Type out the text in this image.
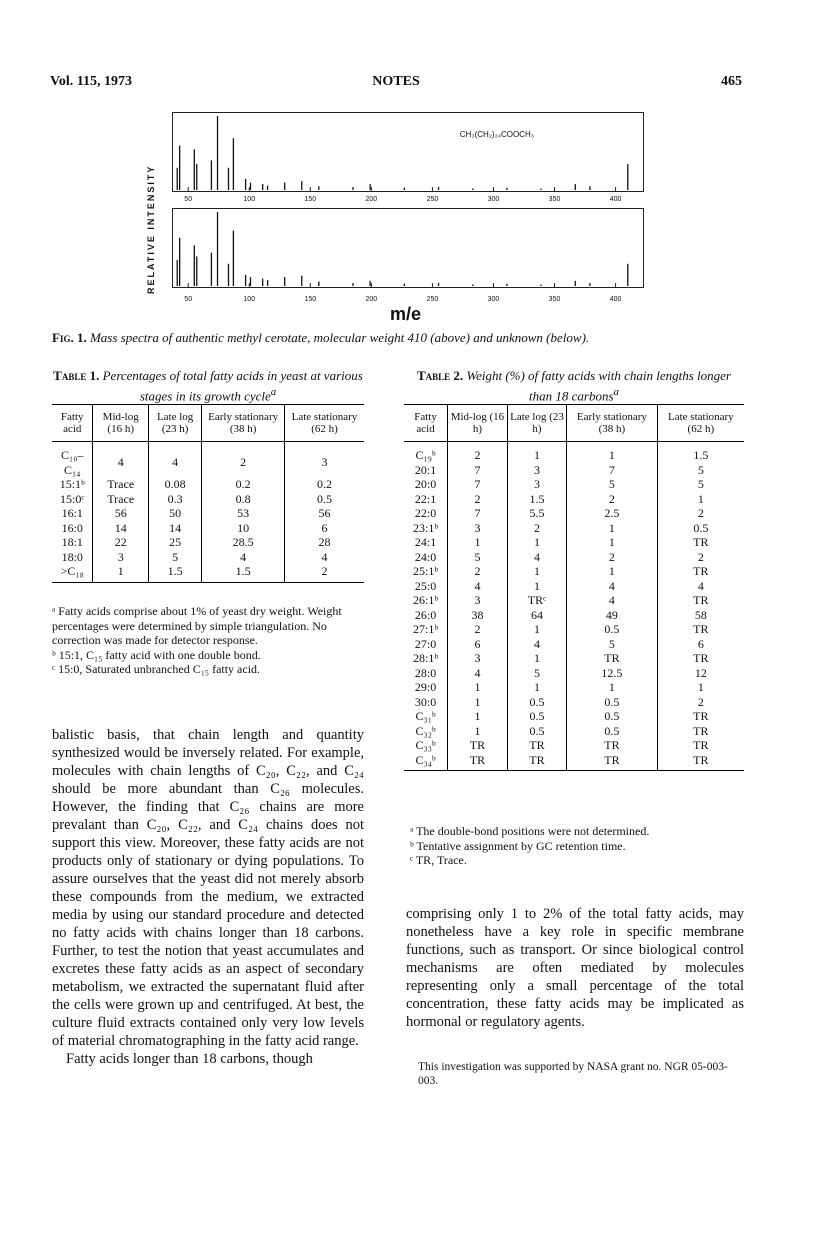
Vol. 115, 1973	NOTES	465
RELATIVE INTENSITY
CH₃(CH₂)₂₄COOCH₃
50	100	150	200	250	300	350	400
50	100	150	200	250	300	350	400
m/e
Fig. 1. Mass spectra of authentic methyl cerotate, molecular weight 410 (above) and unknown (below).
Table 1. Percentages of total fatty acids in yeast at various stages in its growth cycle$^a$
Fatty acid	Mid-log (16 h)	Late log (23 h)	Early stationary (38 h)	Late stationary (62 h)
C₁₀–C₁₄	4	4	2	3
15:1ᵇ	Trace	0.08	0.2	0.2
15:0ᶜ	Trace	0.3	0.8	0.5
16:1	56	50	53	56
16:0	14	14	10	6
18:1	22	25	28.5	28
18:0	3	5	4	4
>C₁₈	1	1.5	1.5	2

ᵃ Fatty acids comprise about 1% of yeast dry weight. Weight percentages were determined by simple triangulation. No correction was made for detector response.

ᵇ 15:1, C₁₅ fatty acid with one double bond.

ᶜ 15:0, Saturated unbranched C₁₅ fatty acid.

Table 2. Weight (%) of fatty acids with chain lengths longer than 18 carbons$^a$
Fatty acid	Mid-log (16 h)	Late log (23 h)	Early stationary (38 h)	Late stationary (62 h)
C₁₉ᵇ	2	1	1	1.5
20:1	7	3	7	5
20:0	7	3	5	5
22:1	2	1.5	2	1
22:0	7	5.5	2.5	2
23:1ᵇ	3	2	1	0.5
24:1	1	1	1	TR
24:0	5	4	2	2
25:1ᵇ	2	1	1	TR
25:0	4	1	4	4
26:1ᵇ	3	TRᶜ	4	TR
26:0	38	64	49	58
27:1ᵇ	2	1	0.5	TR
27:0	6	4	5	6
28:1ᵇ	3	1	TR	TR
28:0	4	5	12.5	12
29:0	1	1	1	1
30:0	1	0.5	0.5	2
C₃₁ᵇ	1	0.5	0.5	TR
C₃₂ᵇ	1	0.5	0.5	TR
C₃₃ᵇ	TR	TR	TR	TR
C₃₄ᵇ	TR	TR	TR	TR

ᵃ The double-bond positions were not determined.

ᵇ Tentative assignment by GC retention time.

ᶜ TR, Trace.

balistic basis, that chain length and quantity synthesized would be inversely related. For example, molecules with chain lengths of C₂₀, C₂₂, and C₂₄ should be more abundant than C₂₆ molecules. However, the finding that C₂₆ chains are more prevalant than C₂₀, C₂₂, and C₂₄ chains does not support this view. Moreover, these fatty acids are not products only of stationary or dying populations. To assure ourselves that the yeast did not merely absorb these compounds from the medium, we extracted media by using our standard procedure and detected no fatty acids with chains longer than 18 carbons. Further, to test the notion that yeast accumulates and excretes these fatty acids as an aspect of secondary metabolism, we extracted the supernatant fluid after the cells were grown up and centrifuged. At best, the culture fluid extracts contained only very low levels of material chromatographing in the fatty acid range.

Fatty acids longer than 18 carbons, though

comprising only 1 to 2% of the total fatty acids, may nonetheless have a key role in specific membrane functions, such as transport. Or since biological control mechanisms are often mediated by molecules representing only a small percentage of the total concentration, these fatty acids may be implicated as hormonal or regulatory agents.

This investigation was supported by NASA grant no. NGR 05-003-003.
